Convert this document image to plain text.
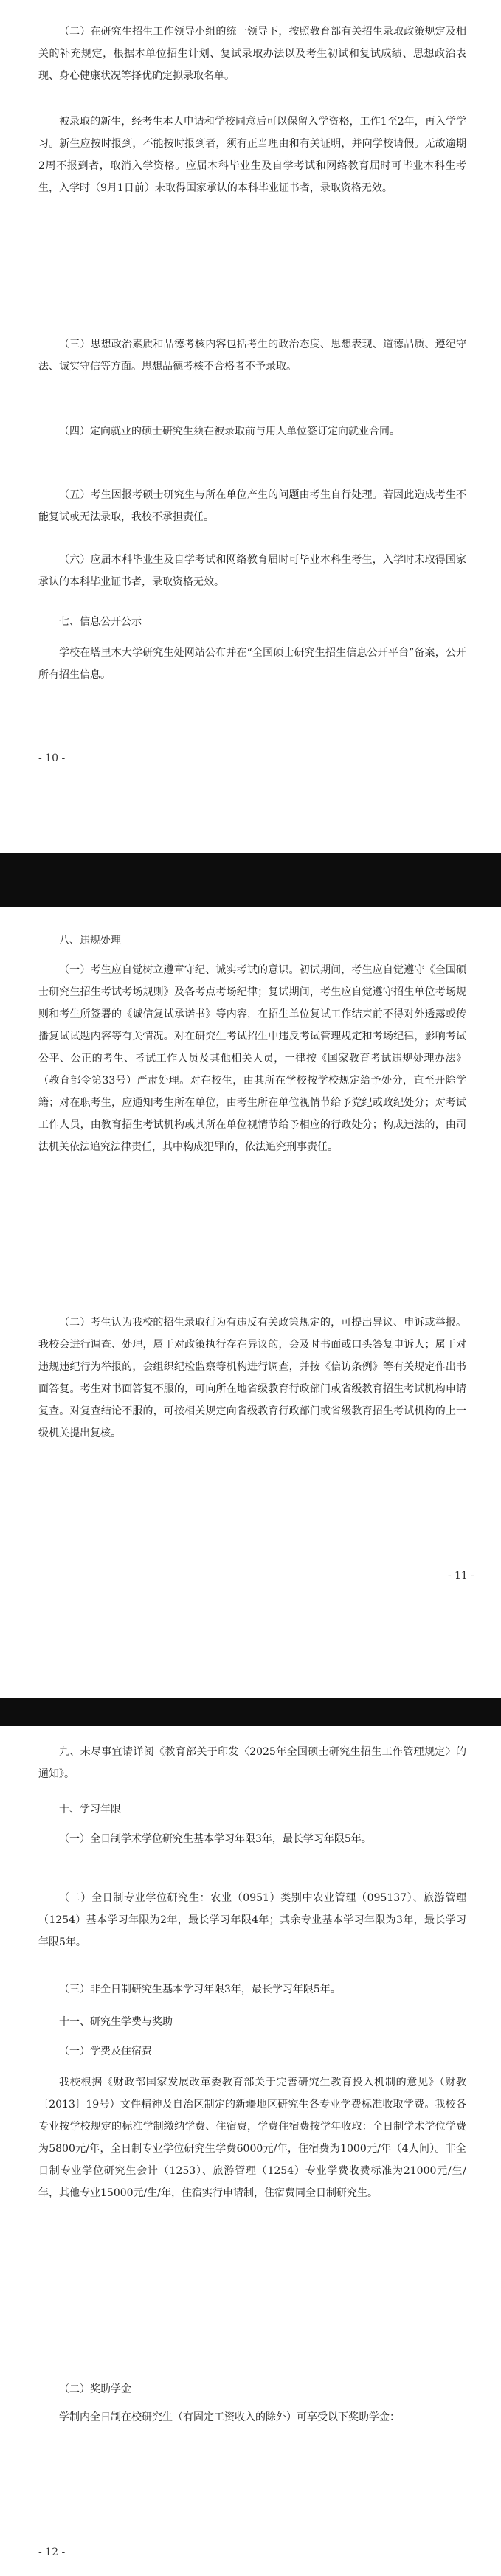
（二）在研究生招生工作领导小组的统一领导下，按照教育部有关招生录取政策规定及相关的补充规定，根据本单位招生计划、复试录取办法以及考生初试和复试成绩、思想政治表现、身心健康状况等择优确定拟录取名单。
被录取的新生，经考生本人申请和学校同意后可以保留入学资格，工作1至2年，再入学学习。新生应按时报到，不能按时报到者，须有正当理由和有关证明，并向学校请假。无故逾期2周不报到者，取消入学资格。应届本科毕业生及自学考试和网络教育届时可毕业本科生考生，入学时（9月1日前）未取得国家承认的本科毕业证书者，录取资格无效。
（三）思想政治素质和品德考核内容包括考生的政治态度、思想表现、道德品质、遵纪守法、诚实守信等方面。思想品德考核不合格者不予录取。
（四）定向就业的硕士研究生须在被录取前与用人单位签订定向就业合同。
（五）考生因报考硕士研究生与所在单位产生的问题由考生自行处理。若因此造成考生不能复试或无法录取，我校不承担责任。
（六）应届本科毕业生及自学考试和网络教育届时可毕业本科生考生，入学时未取得国家承认的本科毕业证书者，录取资格无效。
七、信息公开公示
学校在塔里木大学研究生处网站公布并在“全国硕士研究生招生信息公开平台”备案，公开所有招生信息。
- 10 -
八、违规处理
（一）考生应自觉树立遵章守纪、诚实考试的意识。初试期间，考生应自觉遵守《全国硕士研究生招生考试考场规则》及各考点考场纪律；复试期间，考生应自觉遵守招生单位考场规则和考生所签署的《诚信复试承诺书》等内容，在招生单位复试工作结束前不得对外透露或传播复试试题内容等有关情况。对在研究生考试招生中违反考试管理规定和考场纪律，影响考试公平、公正的考生、考试工作人员及其他相关人员，一律按《国家教育考试违规处理办法》（教育部令第33号）严肃处理。对在校生，由其所在学校按学校规定给予处分，直至开除学籍；对在职考生，应通知考生所在单位，由考生所在单位视情节给予党纪或政纪处分；对考试工作人员，由教育招生考试机构或其所在单位视情节给予相应的行政处分；构成违法的，由司法机关依法追究法律责任，其中构成犯罪的，依法追究刑事责任。
（二）考生认为我校的招生录取行为有违反有关政策规定的，可提出异议、申诉或举报。我校会进行调查、处理，属于对政策执行存在异议的，会及时书面或口头答复申诉人；属于对违规违纪行为举报的，会组织纪检监察等机构进行调查，并按《信访条例》等有关规定作出书面答复。考生对书面答复不服的，可向所在地省级教育行政部门或省级教育招生考试机构申请复查。对复查结论不服的，可按相关规定向省级教育行政部门或省级教育招生考试机构的上一级机关提出复核。
- 11 -
九、未尽事宜请详阅《教育部关于印发〈2025年全国硕士研究生招生工作管理规定〉的通知》。
十、学习年限
（一）全日制学术学位研究生基本学习年限3年，最长学习年限5年。
（二）全日制专业学位研究生：农业（0951）类别中农业管理（095137）、旅游管理（1254）基本学习年限为2年，最长学习年限4年；其余专业基本学习年限为3年，最长学习年限5年。
（三）非全日制研究生基本学习年限3年，最长学习年限5年。
十一、研究生学费与奖助
（一）学费及住宿费
我校根据《财政部国家发展改革委教育部关于完善研究生教育投入机制的意见》（财教〔2013〕19号）文件精神及自治区制定的新疆地区研究生各专业学费标准收取学费。我校各专业按学校规定的标准学制缴纳学费、住宿费，学费住宿费按学年收取：全日制学术学位学费为5800元/年，全日制专业学位研究生学费6000元/年，住宿费为1000元/年（4人间）。非全日制专业学位研究生会计（1253）、旅游管理（1254）专业学费收费标准为21000元/生/年，其他专业15000元/生/年，住宿实行申请制，住宿费同全日制研究生。
（二）奖助学金
学制内全日制在校研究生（有固定工资收入的除外）可享受以下奖助学金：
- 12 -
